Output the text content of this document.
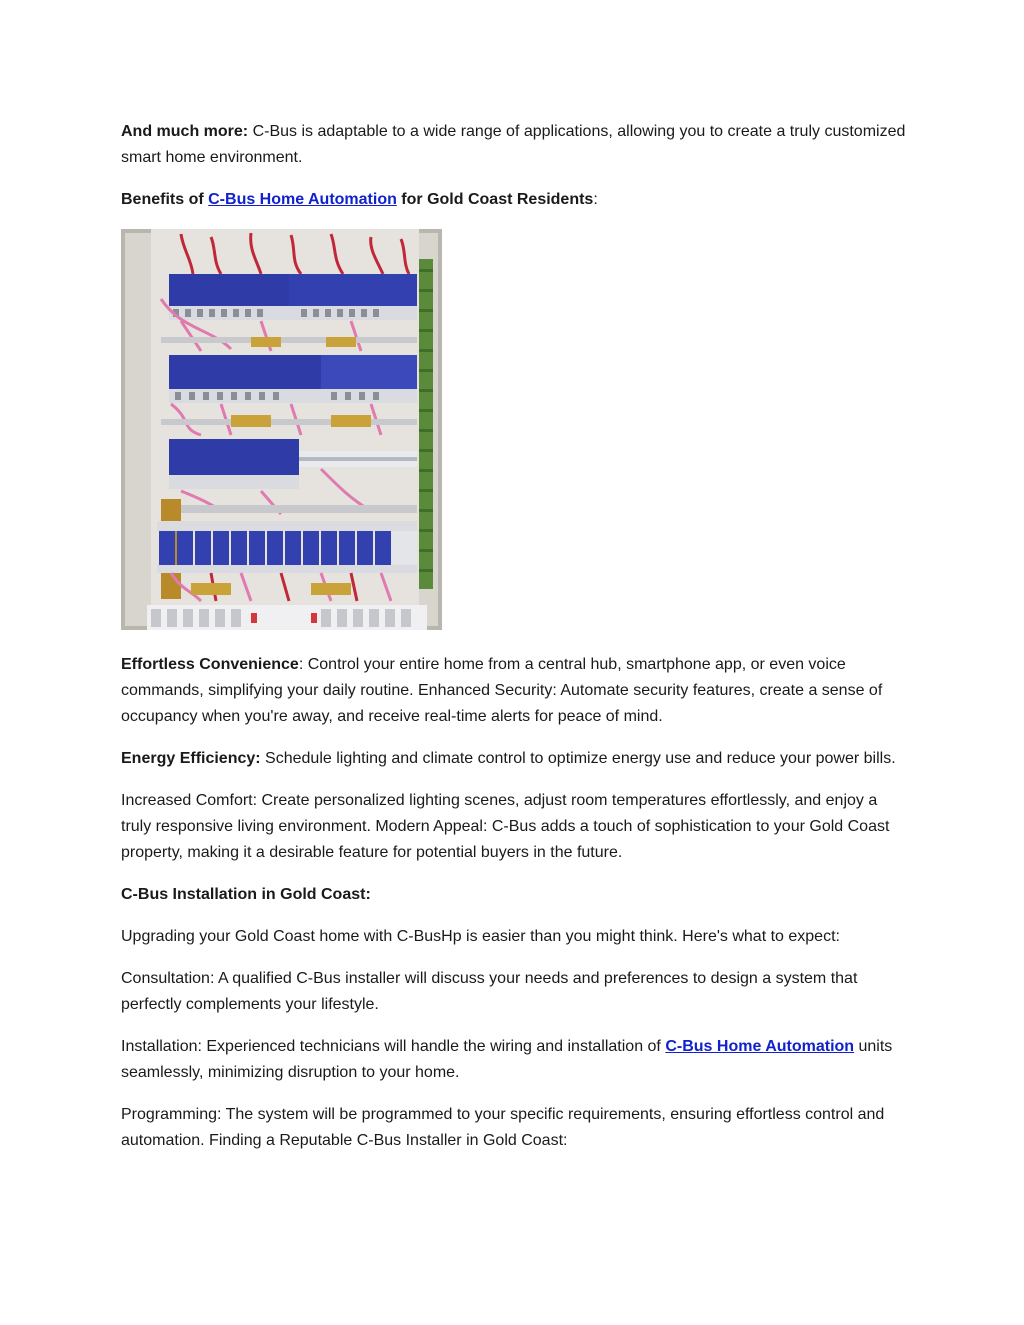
And much more: C-Bus is adaptable to a wide range of applications, allowing you to create a truly customized smart home environment.

Benefits of C-Bus Home Automation for Gold Coast Residents:

Effortless Convenience: Control your entire home from a central hub, smartphone app, or even voice commands, simplifying your daily routine. Enhanced Security: Automate security features, create a sense of occupancy when you're away, and receive real-time alerts for peace of mind.

Energy Efficiency: Schedule lighting and climate control to optimize energy use and reduce your power bills.

Increased Comfort: Create personalized lighting scenes, adjust room temperatures effortlessly, and enjoy a truly responsive living environment. Modern Appeal: C-Bus adds a touch of sophistication to your Gold Coast property, making it a desirable feature for potential buyers in the future.

C-Bus Installation in Gold Coast:

Upgrading your Gold Coast home with C-BusHp is easier than you might think. Here's what to expect:

Consultation: A qualified C-Bus installer will discuss your needs and preferences to design a system that perfectly complements your lifestyle.

Installation: Experienced technicians will handle the wiring and installation of C-Bus Home Automation units seamlessly, minimizing disruption to your home.

Programming: The system will be programmed to your specific requirements, ensuring effortless control and automation. Finding a Reputable C-Bus Installer in Gold Coast:
